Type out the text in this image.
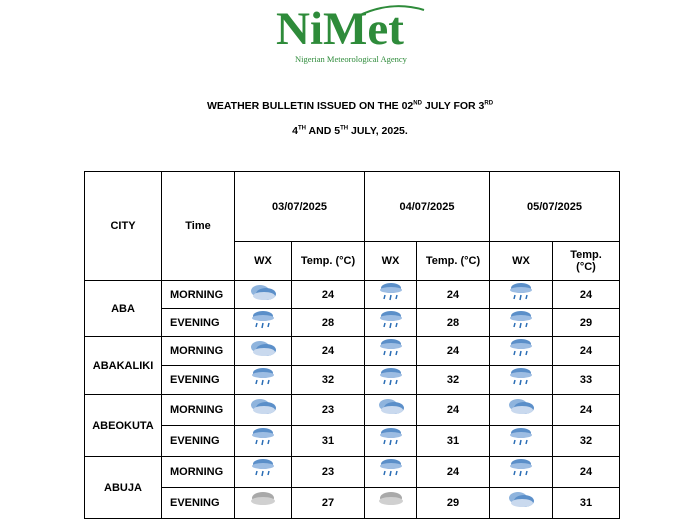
NiMet
Nigerian Meteorological Agency
WEATHER BULLETIN ISSUED ON THE 02ND JULY FOR 3RD
4TH AND 5TH JULY, 2025.
CITY	Time	03/07/2025		04/07/2025		05/07/2025	
		WX	Temp. (°C)	WX	Temp. (°C)	WX	Temp.
(°C)
ABA	MORNING		24		24		24
	EVENING		28		28		29
ABAKALIKI	MORNING		24		24		24
	EVENING		32		32		33
ABEOKUTA	MORNING		23		24		24
	EVENING		31		31		32
ABUJA	MORNING		23		24		24
	EVENING		27		29		31
